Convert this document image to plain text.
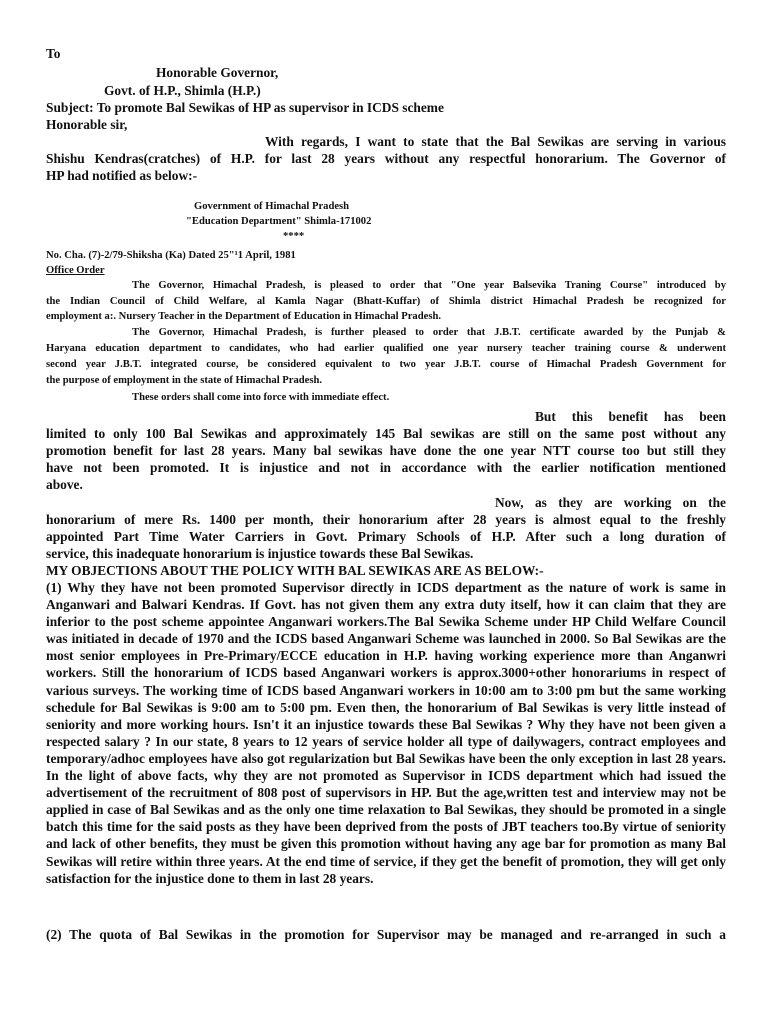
To
Honorable Governor,
Govt. of H.P., Shimla (H.P.)
Subject: To promote Bal Sewikas of HP as supervisor in ICDS scheme
Honorable sir,
With regards, I want to state that the Bal Sewikas are serving in various
Shishu Kendras(cratches) of H.P. for last 28 years without any respectful honorarium. The Governor of
HP had notified as below:-
Government of Himachal Pradesh
"Education Department" Shimla-171002
****
No. Cha. (7)-2/79-Shiksha (Ka) Dated 25"¹1 April, 1981
Office Order
The Governor, Himachal Pradesh, is pleased to order that "One year Balsevika Traning Course" introduced by
the Indian Council of Child Welfare, al Kamla Nagar (Bhatt-Kuffar) of Shimla district Himachal Pradesh be recognized for
employment a:. Nursery Teacher in the Department of Education in Himachal Pradesh.
The Governor, Himachal Pradesh, is further pleased to order that J.B.T. certificate awarded by the Punjab &
Haryana education department to candidates, who had earlier qualified one year nursery teacher training course & underwent
second year J.B.T. integrated course, be considered equivalent to two year J.B.T. course of Himachal Pradesh Government for
the purpose of employment in the state of Himachal Pradesh.
These orders shall come into force with immediate effect.
But this benefit has been
limited to only 100 Bal Sewikas and approximately 145 Bal sewikas are still on the same post without any
promotion benefit for last 28 years. Many bal sewikas have done the one year NTT course too but still they
have not been promoted. It is injustice and not in accordance with the earlier notification mentioned
above.
Now, as they are working on the
honorarium of mere Rs. 1400 per month, their honorarium after 28 years is almost equal to the freshly
appointed Part Time Water Carriers in Govt. Primary Schools of H.P. After such a long duration of
service, this inadequate honorarium is injustice towards these Bal Sewikas.
MY OBJECTIONS ABOUT THE POLICY WITH BAL SEWIKAS ARE AS BELOW:-
(1) Why they have not been promoted Supervisor directly in ICDS department as the nature of work is same in Anganwari and Balwari Kendras. If Govt. has not given them any extra duty itself, how it can claim that they are inferior to the post scheme appointee Anganwari workers.The Bal Sewika Scheme under HP Child Welfare Council was initiated in decade of 1970 and the ICDS based Anganwari Scheme was launched in 2000. So Bal Sewikas are the most senior employees in Pre-Primary/ECCE education in H.P. having working experience more than Anganwri workers. Still the honorarium of ICDS based Anganwari workers is approx.3000+other honorariums in respect of various surveys. The working time of ICDS based Anganwari workers in 10:00 am to 3:00 pm but the same working schedule for Bal Sewikas is 9:00 am to 5:00 pm. Even then, the honorarium of Bal Sewikas is very little instead of seniority and more working hours. Isn't it an injustice towards these Bal Sewikas ? Why they have not been given a respected salary ? In our state, 8 years to 12 years of service holder all type of dailywagers, contract employees and temporary/adhoc employees have also got regularization but Bal Sewikas have been the only exception in last 28 years. In the light of above facts, why they are not promoted as Supervisor in ICDS department which had issued the advertisement of the recruitment of 808 post of supervisors in HP. But the age,written test and interview may not be applied in case of Bal Sewikas and as the only one time relaxation to Bal Sewikas, they should be promoted in a single batch this time for the said posts as they have been deprived from the posts of JBT teachers too.By virtue of seniority and lack of other benefits, they must be given this promotion without having any age bar for promotion as many Bal Sewikas will retire within three years. At the end time of service, if they get the benefit of promotion, they will get only satisfaction for the injustice done to them in last 28 years.
(2) The quota of Bal Sewikas in the promotion for Supervisor may be managed and re-arranged in such a
